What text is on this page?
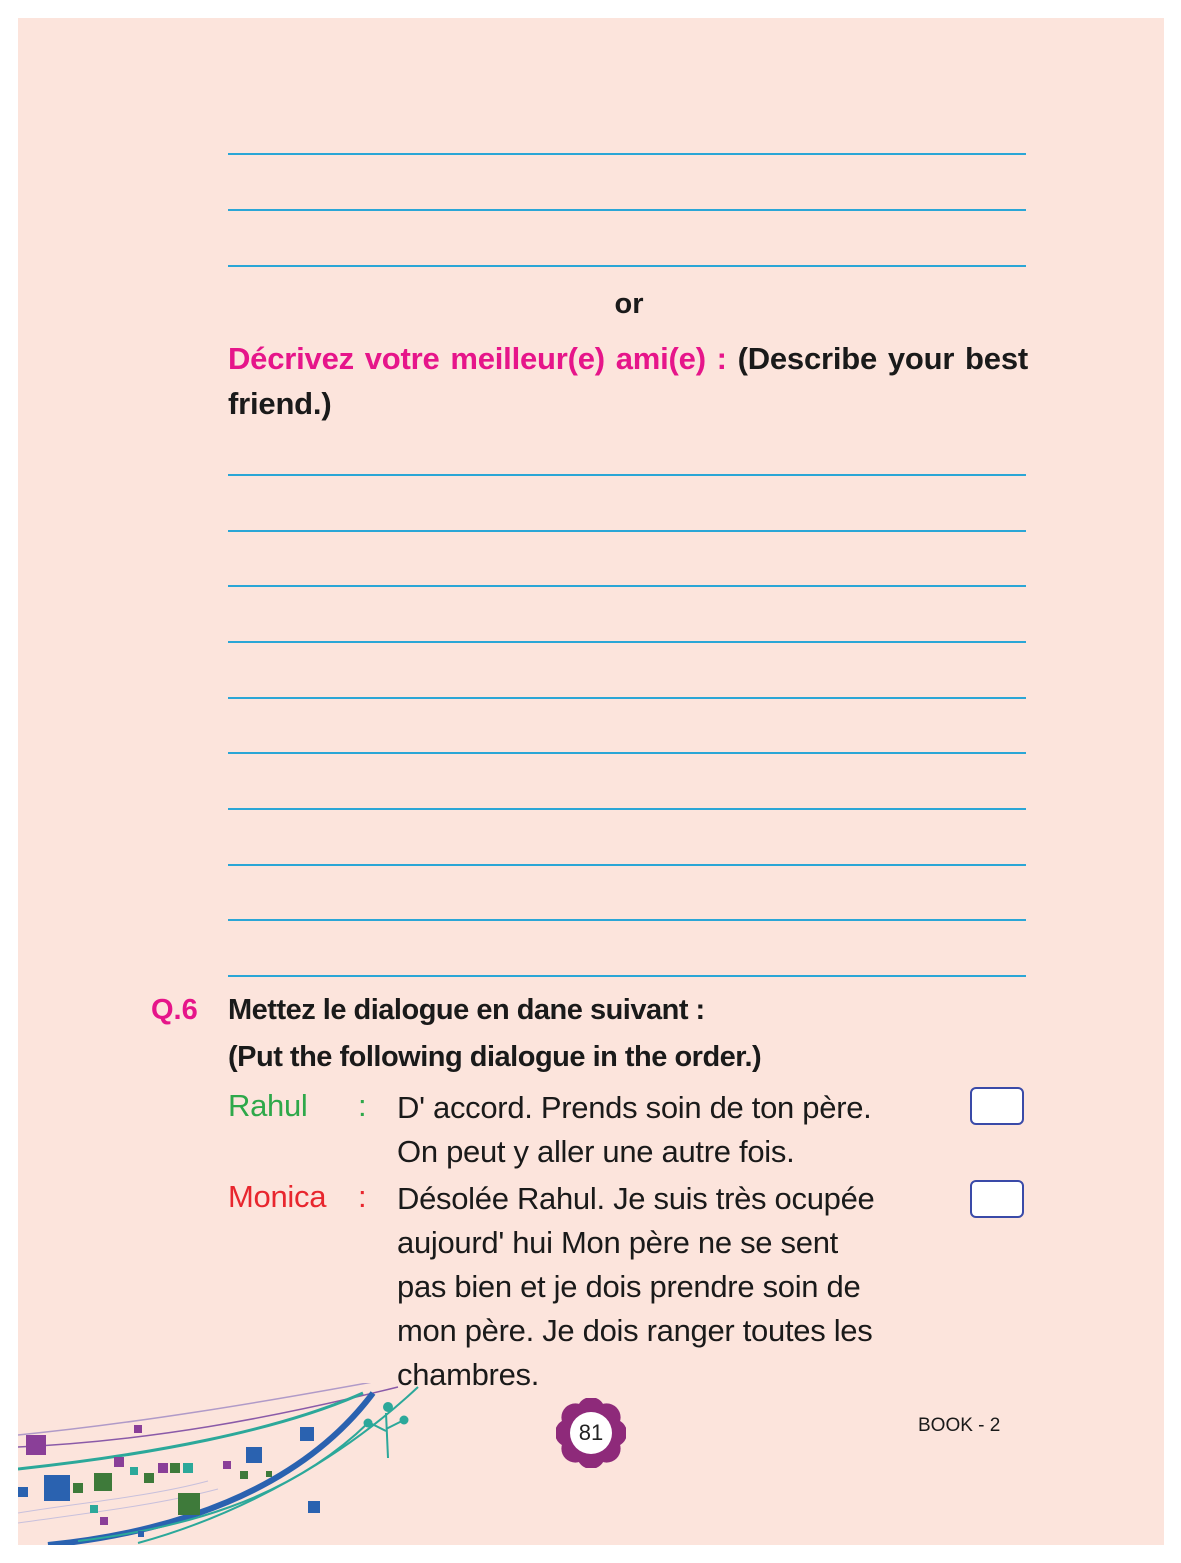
or
Décrivez votre meilleur(e) ami(e) : (Describe your best friend.)
Q.6 Mettez le dialogue en dane suivant :
(Put the following dialogue in the order.)
Rahul : D' accord. Prends soin de ton père.
On peut y aller une autre fois.
Monica : Désolée Rahul. Je suis très ocupée
aujourd' hui Mon père ne se sent
pas bien et je dois prendre soin de
mon père. Je dois ranger toutes les
chambres.
81	BOOK - 2
